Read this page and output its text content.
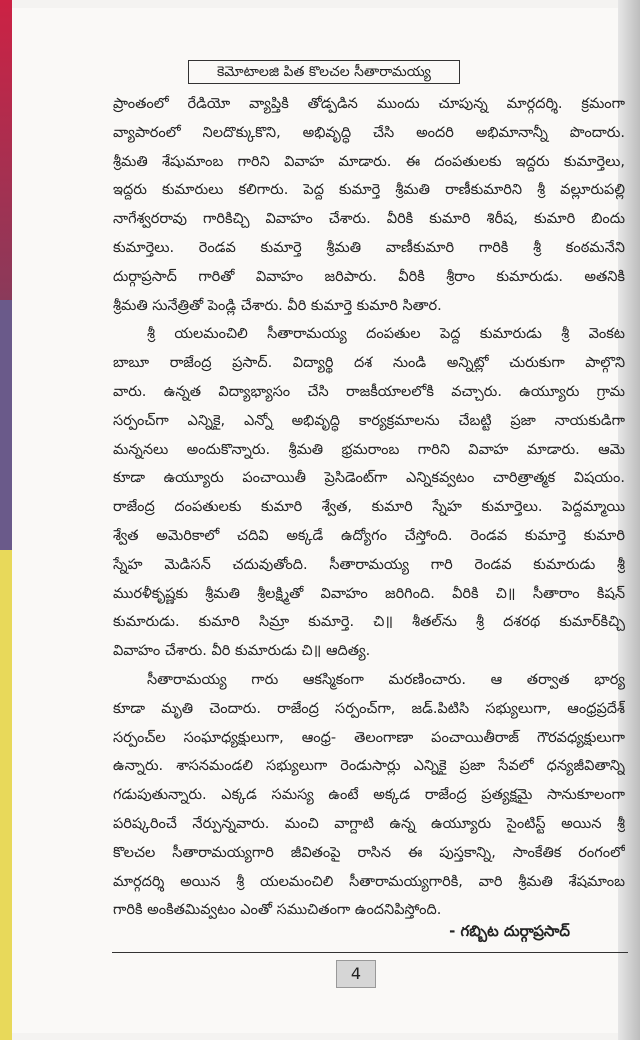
కెమోటాలజి పిత కొలచల సీతారామయ్య
ప్రాంతంలో రేడియో వ్యాప్తికి తోడ్పడిన ముందు చూపున్న మార్గదర్శి. క్రమంగా
వ్యాపారంలో నిలదొక్కుకొని, అభివృద్ధి చేసి అందరి అభిమానాన్నీ పొందారు.
శ్రీమతి శేషుమాంబ గారిని వివాహ మాడారు. ఈ దంపతులకు ఇద్దరు కుమార్తెలు,
ఇద్దరు కుమారులు కలిగారు. పెద్ద కుమార్తె శ్రీమతి రాణీకుమారిని శ్రీ వల్లూరుపల్లి
నాగేశ్వరరావు గారికిచ్చి వివాహం చేశారు. వీరికి కుమారి శిరీష, కుమారి బిందు
కుమార్తెలు. రెండవ కుమార్తె శ్రీమతి వాణీకుమారి గారికి శ్రీ కంఠమనేని
దుర్గాప్రసాద్ గారితో వివాహం జరిపారు. వీరికి శ్రీరాం కుమారుడు. అతనికి
శ్రీమతి సునేత్రితో పెండ్లి చేశారు. వీరి కుమార్తె కుమారి సితార.
శ్రీ యలమంచిలి సీతారామయ్య దంపతుల పెద్ద కుమారుడు శ్రీ వెంకట
బాబూ రాజేంద్ర ప్రసాద్. విద్యార్థి దశ నుండి అన్నిట్లో చురుకుగా పాల్గొని
వారు. ఉన్నత విద్యాభ్యాసం చేసి రాజకీయాలలోకి వచ్చారు. ఉయ్యూరు గ్రామ
సర్పంచ్‌గా ఎన్నికై, ఎన్నో అభివృద్ధి కార్యక్రమాలను చేబట్టి ప్రజా నాయకుడిగా
మన్ననలు అందుకొన్నారు. శ్రీమతి భ్రమరాంబ గారిని వివాహ మాడారు. ఆమె
కూడా ఉయ్యూరు పంచాయితీ ప్రెసిడెంట్‌గా ఎన్నికవ్వటం చారిత్రాత్మక విషయం.
రాజేంద్ర దంపతులకు కుమారి శ్వేత, కుమారి స్నేహ కుమార్తెలు. పెద్దమ్మాయి
శ్వేత అమెరికాలో చదివి అక్కడే ఉద్యోగం చేస్తోంది. రెండవ కుమార్తె కుమారి
స్నేహ మెడిసన్ చదువుతోంది. సీతారామయ్య గారి రెండవ కుమారుడు శ్రీ
మురళీకృష్ణకు శ్రీమతి శ్రీలక్ష్మితో వివాహం జరిగింది. వీరికి చి॥ సీతారాం కిషన్
కుమారుడు. కుమారి సిమ్రా కుమార్తె. చి॥ శీతల్‌ను శ్రీ దశరథ కుమార్‌కిచ్చి
వివాహం చేశారు. వీరి కుమారుడు చి॥ ఆదిత్య.
సీతారామయ్య గారు ఆకస్మికంగా మరణించారు. ఆ తర్వాత భార్య
కూడా మృతి చెందారు. రాజేంద్ర సర్పంచ్‌గా, జడ్.పిటిసి సభ్యులుగా, ఆంధ్రప్రదేశ్
సర్పంచ్‌ల సంఘాధ్యక్షులుగా, ఆంధ్ర- తెలంగాణా పంచాయితీరాజ్ గౌరవధ్యక్షులుగా
ఉన్నారు. శాసనమండలి సభ్యులుగా రెండుసార్లు ఎన్నికై ప్రజా సేవలో ధన్యజీవితాన్ని
గడుపుతున్నారు. ఎక్కడ సమస్య ఉంటే అక్కడ రాజేంద్ర ప్రత్యక్షమై సానుకూలంగా
పరిష్కరించే నేర్పున్నవారు. మంచి వాగ్దాటి ఉన్న ఉయ్యూరు సైంటిస్ట్ అయిన శ్రీ
కొలచల సీతారామయ్యగారి జీవితంపై రాసిన ఈ పుస్తకాన్ని, సాంకేతిక రంగంలో
మార్గదర్శి అయిన శ్రీ యలమంచిలి సీతారామయ్యగారికి, వారి శ్రీమతి శేషమాంబ
గారికి అంకితమివ్వటం ఎంతో సముచితంగా ఉందనిపిస్తోంది.
- గబ్బిట దుర్గాప్రసాద్
4
